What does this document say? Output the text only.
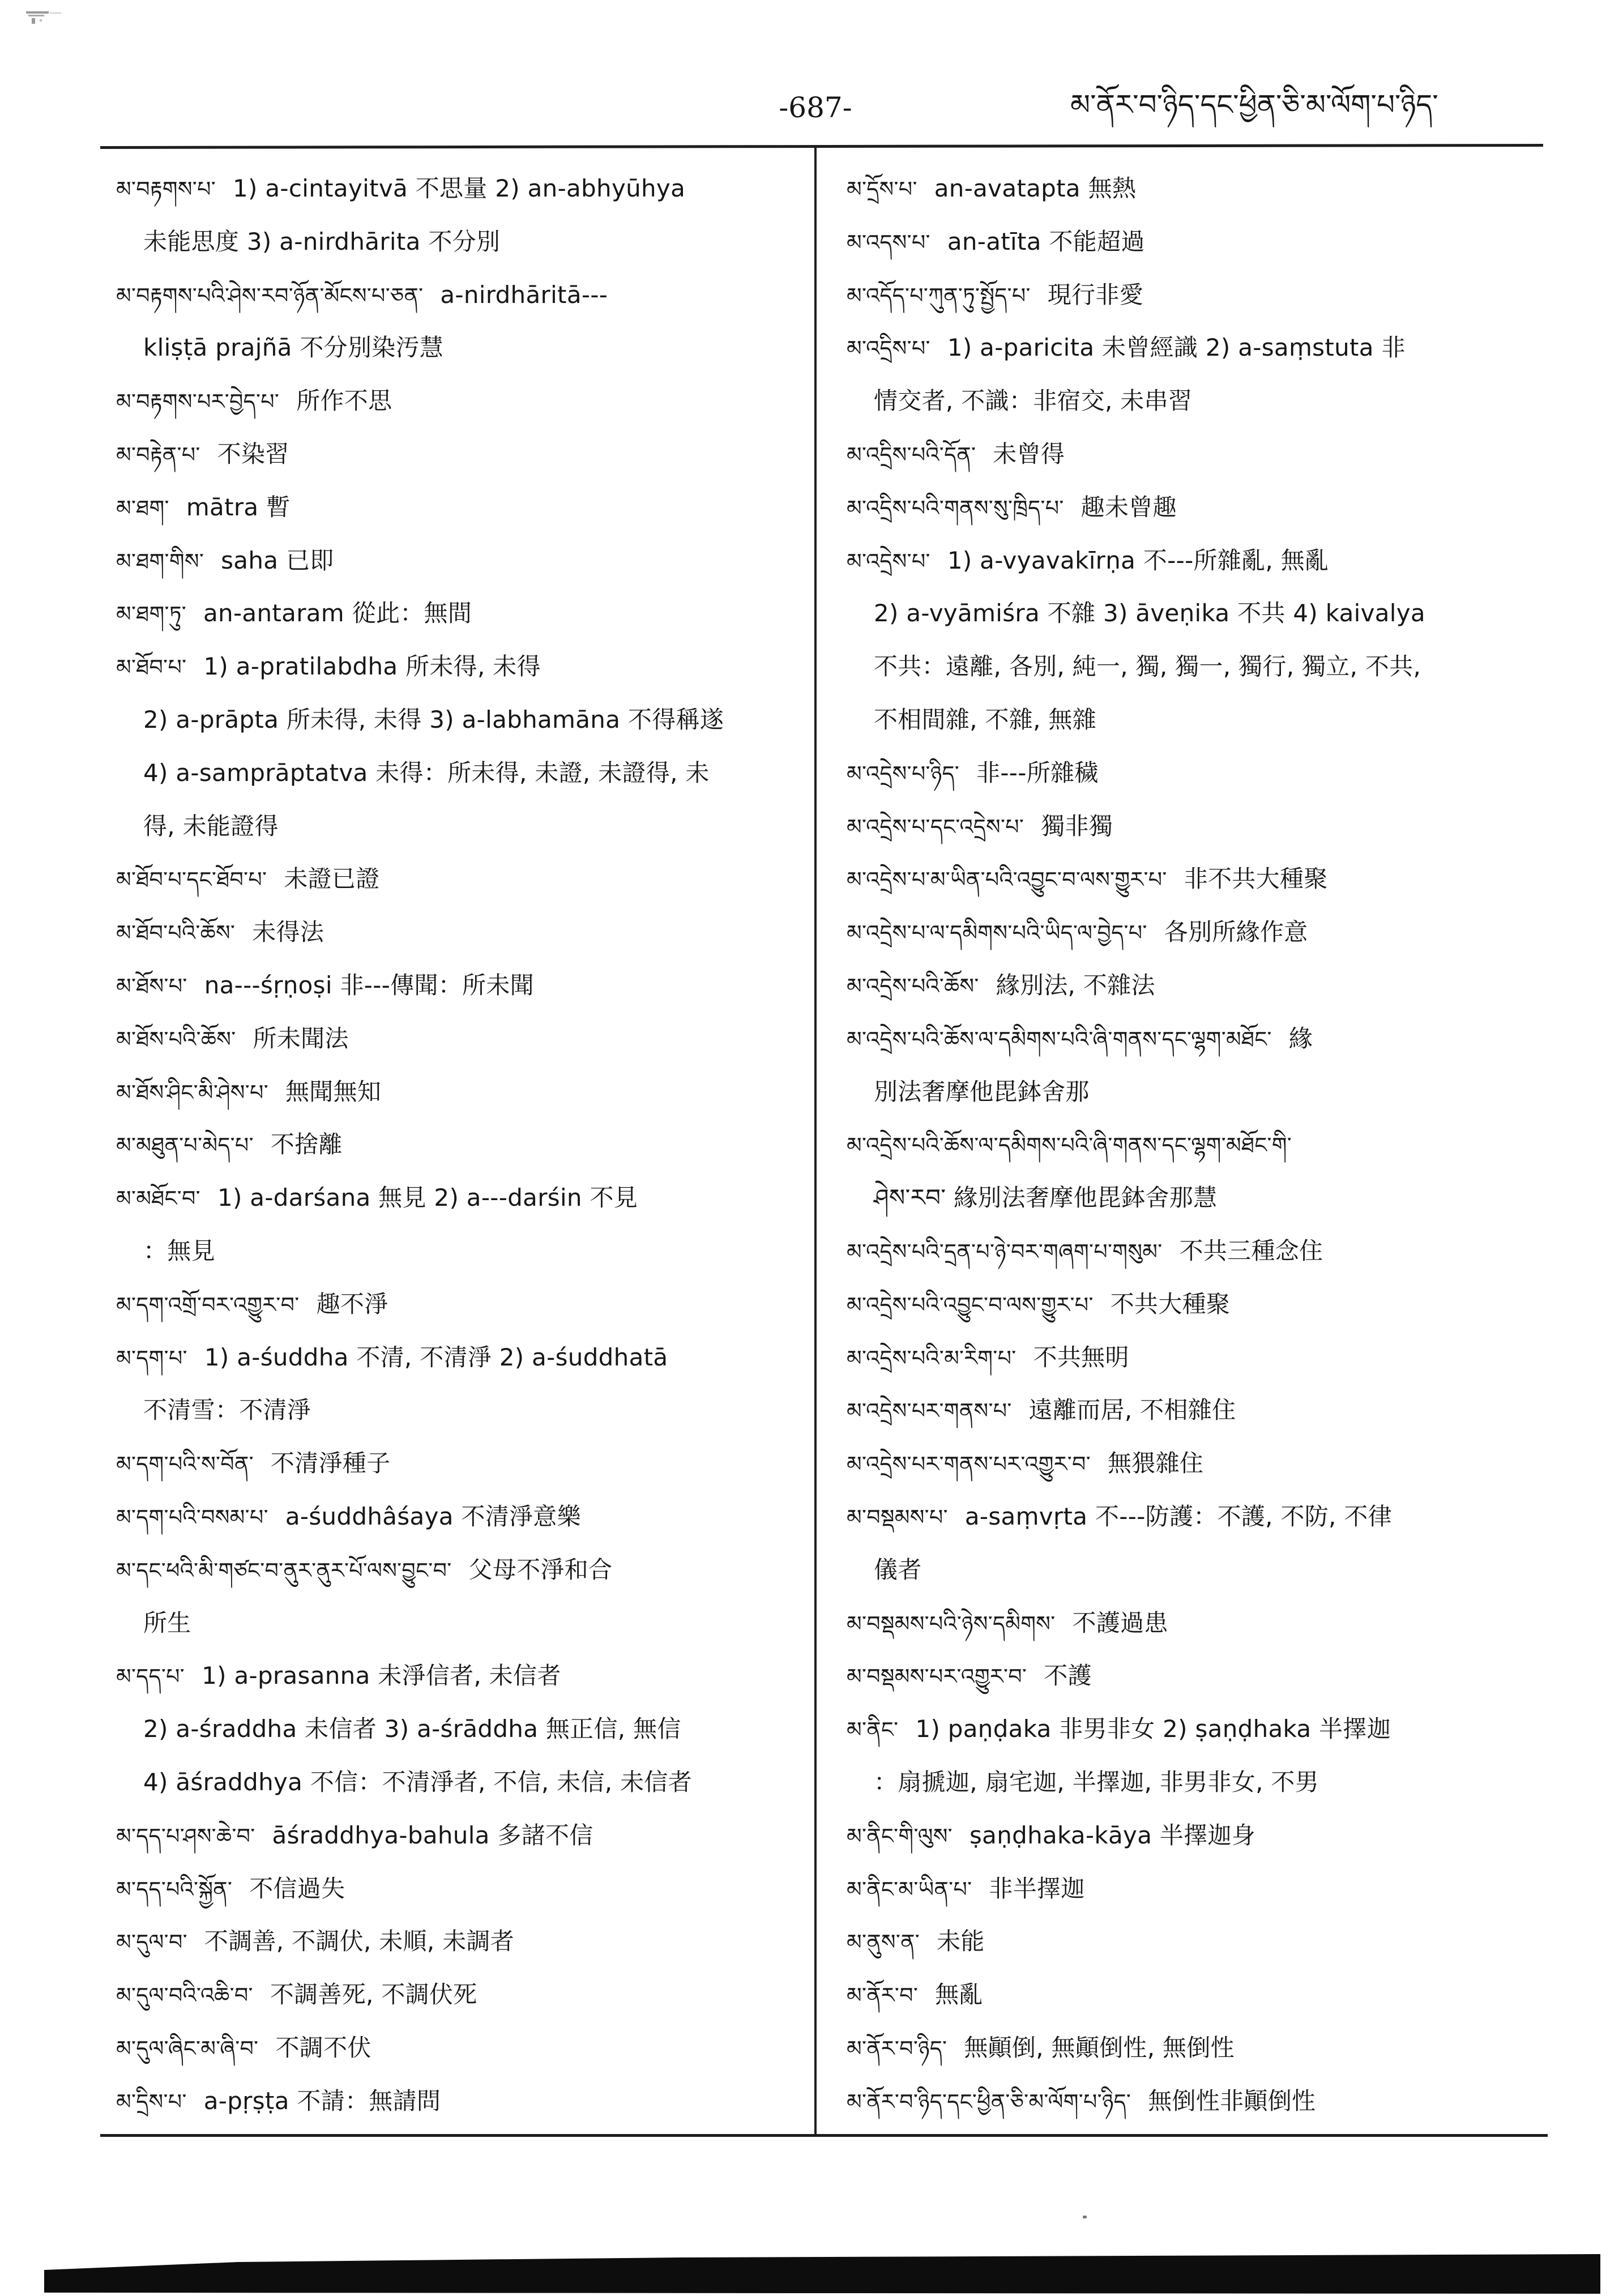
-687-	མ་ནོར་བ་ཉིད་དང་ཕྱིན་ཅི་མ་ལོག་པ་ཉིད་
མ་བརྟགས་པ་ 1) a-cintayitvā 不思量 2) an-abhyūhya
未能思度 3) a-nirdhārita 不分別
མ་བརྟགས་པའི་ཤེས་རབ་ཉོན་མོངས་པ་ཅན་ a-nirdhāritā---
kliṣṭā prajñā 不分別染汚慧
མ་བརྟགས་པར་བྱེད་པ་ 所作不思
མ་བརྟེན་པ་ 不染習
མ་ཐག་ mātra 暫
མ་ཐག་གིས་ saha 已即
མ་ཐག་ཏུ་ an-antaram 從此：無間
མ་ཐོབ་པ་ 1) a-pratilabdha 所未得, 未得
2) a-prāpta 所未得, 未得 3) a-labhamāna 不得稱遂
4) a-samprāptatva 未得：所未得, 未證, 未證得, 未
得, 未能證得
མ་ཐོབ་པ་དང་ཐོབ་པ་ 未證已證
མ་ཐོབ་པའི་ཆོས་ 未得法
མ་ཐོས་པ་ na---śṛṇoṣi 非---傳聞：所未聞
མ་ཐོས་པའི་ཆོས་ 所未聞法
མ་ཐོས་ཤིང་མི་ཤེས་པ་ 無聞無知
མ་མཐུན་པ་མེད་པ་ 不捨離
མ་མཐོང་བ་ 1) a-darśana 無見 2) a---darśin 不見
：無見
མ་དག་འགྲོ་བར་འགྱུར་བ་ 趣不淨
མ་དག་པ་ 1) a-śuddha 不清, 不清淨 2) a-śuddhatā
不清雪：不清淨
མ་དག་པའི་ས་བོན་ 不清淨種子
མ་དག་པའི་བསམ་པ་ a-śuddhâśaya 不清淨意樂
མ་དང་ཕའི་མི་གཙང་བ་ནུར་ནུར་པོ་ལས་བྱུང་བ་ 父母不淨和合
所生
མ་དད་པ་ 1) a-prasanna 未淨信者, 未信者
2) a-śraddha 未信者 3) a-śrāddha 無正信, 無信
4) āśraddhya 不信：不清淨者, 不信, 未信, 未信者
མ་དད་པ་ཤས་ཆེ་བ་ āśraddhya-bahula 多諸不信
མ་དད་པའི་སྐྱོན་ 不信過失
མ་དུལ་བ་ 不調善, 不調伏, 未順, 未調者
མ་དུལ་བའི་འཆི་བ་ 不調善死, 不調伏死
མ་དུལ་ཞིང་མ་ཞི་བ་ 不調不伏
མ་དྲིས་པ་ a-pṛṣṭa 不請：無請問
མ་དྲོས་པ་ an-avatapta 無熱
མ་འདས་པ་ an-atīta 不能超過
མ་འདོད་པ་ཀུན་ཏུ་སྤྱོད་པ་ 現行非愛
མ་འདྲིས་པ་ 1) a-paricita 未曾經識 2) a-saṃstuta 非
情交者, 不識：非宿交, 未串習
མ་འདྲིས་པའི་དོན་ 未曾得
མ་འདྲིས་པའི་གནས་སུ་ཁྲིད་པ་ 趣未曾趣
མ་འདྲེས་པ་ 1) a-vyavakīrṇa 不---所雜亂, 無亂
2) a-vyāmiśra 不雜 3) āveṇika 不共 4) kaivalya
不共：遠離, 各別, 純一, 獨, 獨一, 獨行, 獨立, 不共,
不相間雜, 不雜, 無雜
མ་འདྲེས་པ་ཉིད་ 非---所雜穢
མ་འདྲེས་པ་དང་འདྲེས་པ་ 獨非獨
མ་འདྲེས་པ་མ་ཡིན་པའི་འབྱུང་བ་ལས་གྱུར་པ་ 非不共大種聚
མ་འདྲེས་པ་ལ་དམིགས་པའི་ཡིད་ལ་བྱེད་པ་ 各別所緣作意
མ་འདྲེས་པའི་ཆོས་ 緣別法, 不雜法
མ་འདྲེས་པའི་ཆོས་ལ་དམིགས་པའི་ཞི་གནས་དང་ལྷག་མཐོང་ 緣
別法奢摩他毘鉢舍那
མ་འདྲེས་པའི་ཆོས་ལ་དམིགས་པའི་ཞི་གནས་དང་ལྷག་མཐོང་གི་
ཤེས་རབ་ 緣別法奢摩他毘鉢舍那慧
མ་འདྲེས་པའི་དྲན་པ་ཉེ་བར་གཞག་པ་གསུམ་ 不共三種念住
མ་འདྲེས་པའི་འབྱུང་བ་ལས་གྱུར་པ་ 不共大種聚
མ་འདྲེས་པའི་མ་རིག་པ་ 不共無明
མ་འདྲེས་པར་གནས་པ་ 遠離而居, 不相雜住
མ་འདྲེས་པར་གནས་པར་འགྱུར་བ་ 無猥雜住
མ་བསྡམས་པ་ a-saṃvṛta 不---防護：不護, 不防, 不律
儀者
མ་བསྡམས་པའི་ཉེས་དམིགས་ 不護過患
མ་བསྡམས་པར་འགྱུར་བ་ 不護
མ་ནིང་ 1) paṇḍaka 非男非女 2) ṣaṇḍhaka 半擇迦
：扇搋迦, 扇宅迦, 半擇迦, 非男非女, 不男
མ་ནིང་གི་ལུས་ ṣaṇḍhaka-kāya 半擇迦身
མ་ནིང་མ་ཡིན་པ་ 非半擇迦
མ་ནུས་ན་ 未能
མ་ནོར་བ་ 無亂
མ་ནོར་བ་ཉིད་ 無顚倒, 無顚倒性, 無倒性
མ་ནོར་བ་ཉིད་དང་ཕྱིན་ཅི་མ་ལོག་པ་ཉིད་ 無倒性非顚倒性
